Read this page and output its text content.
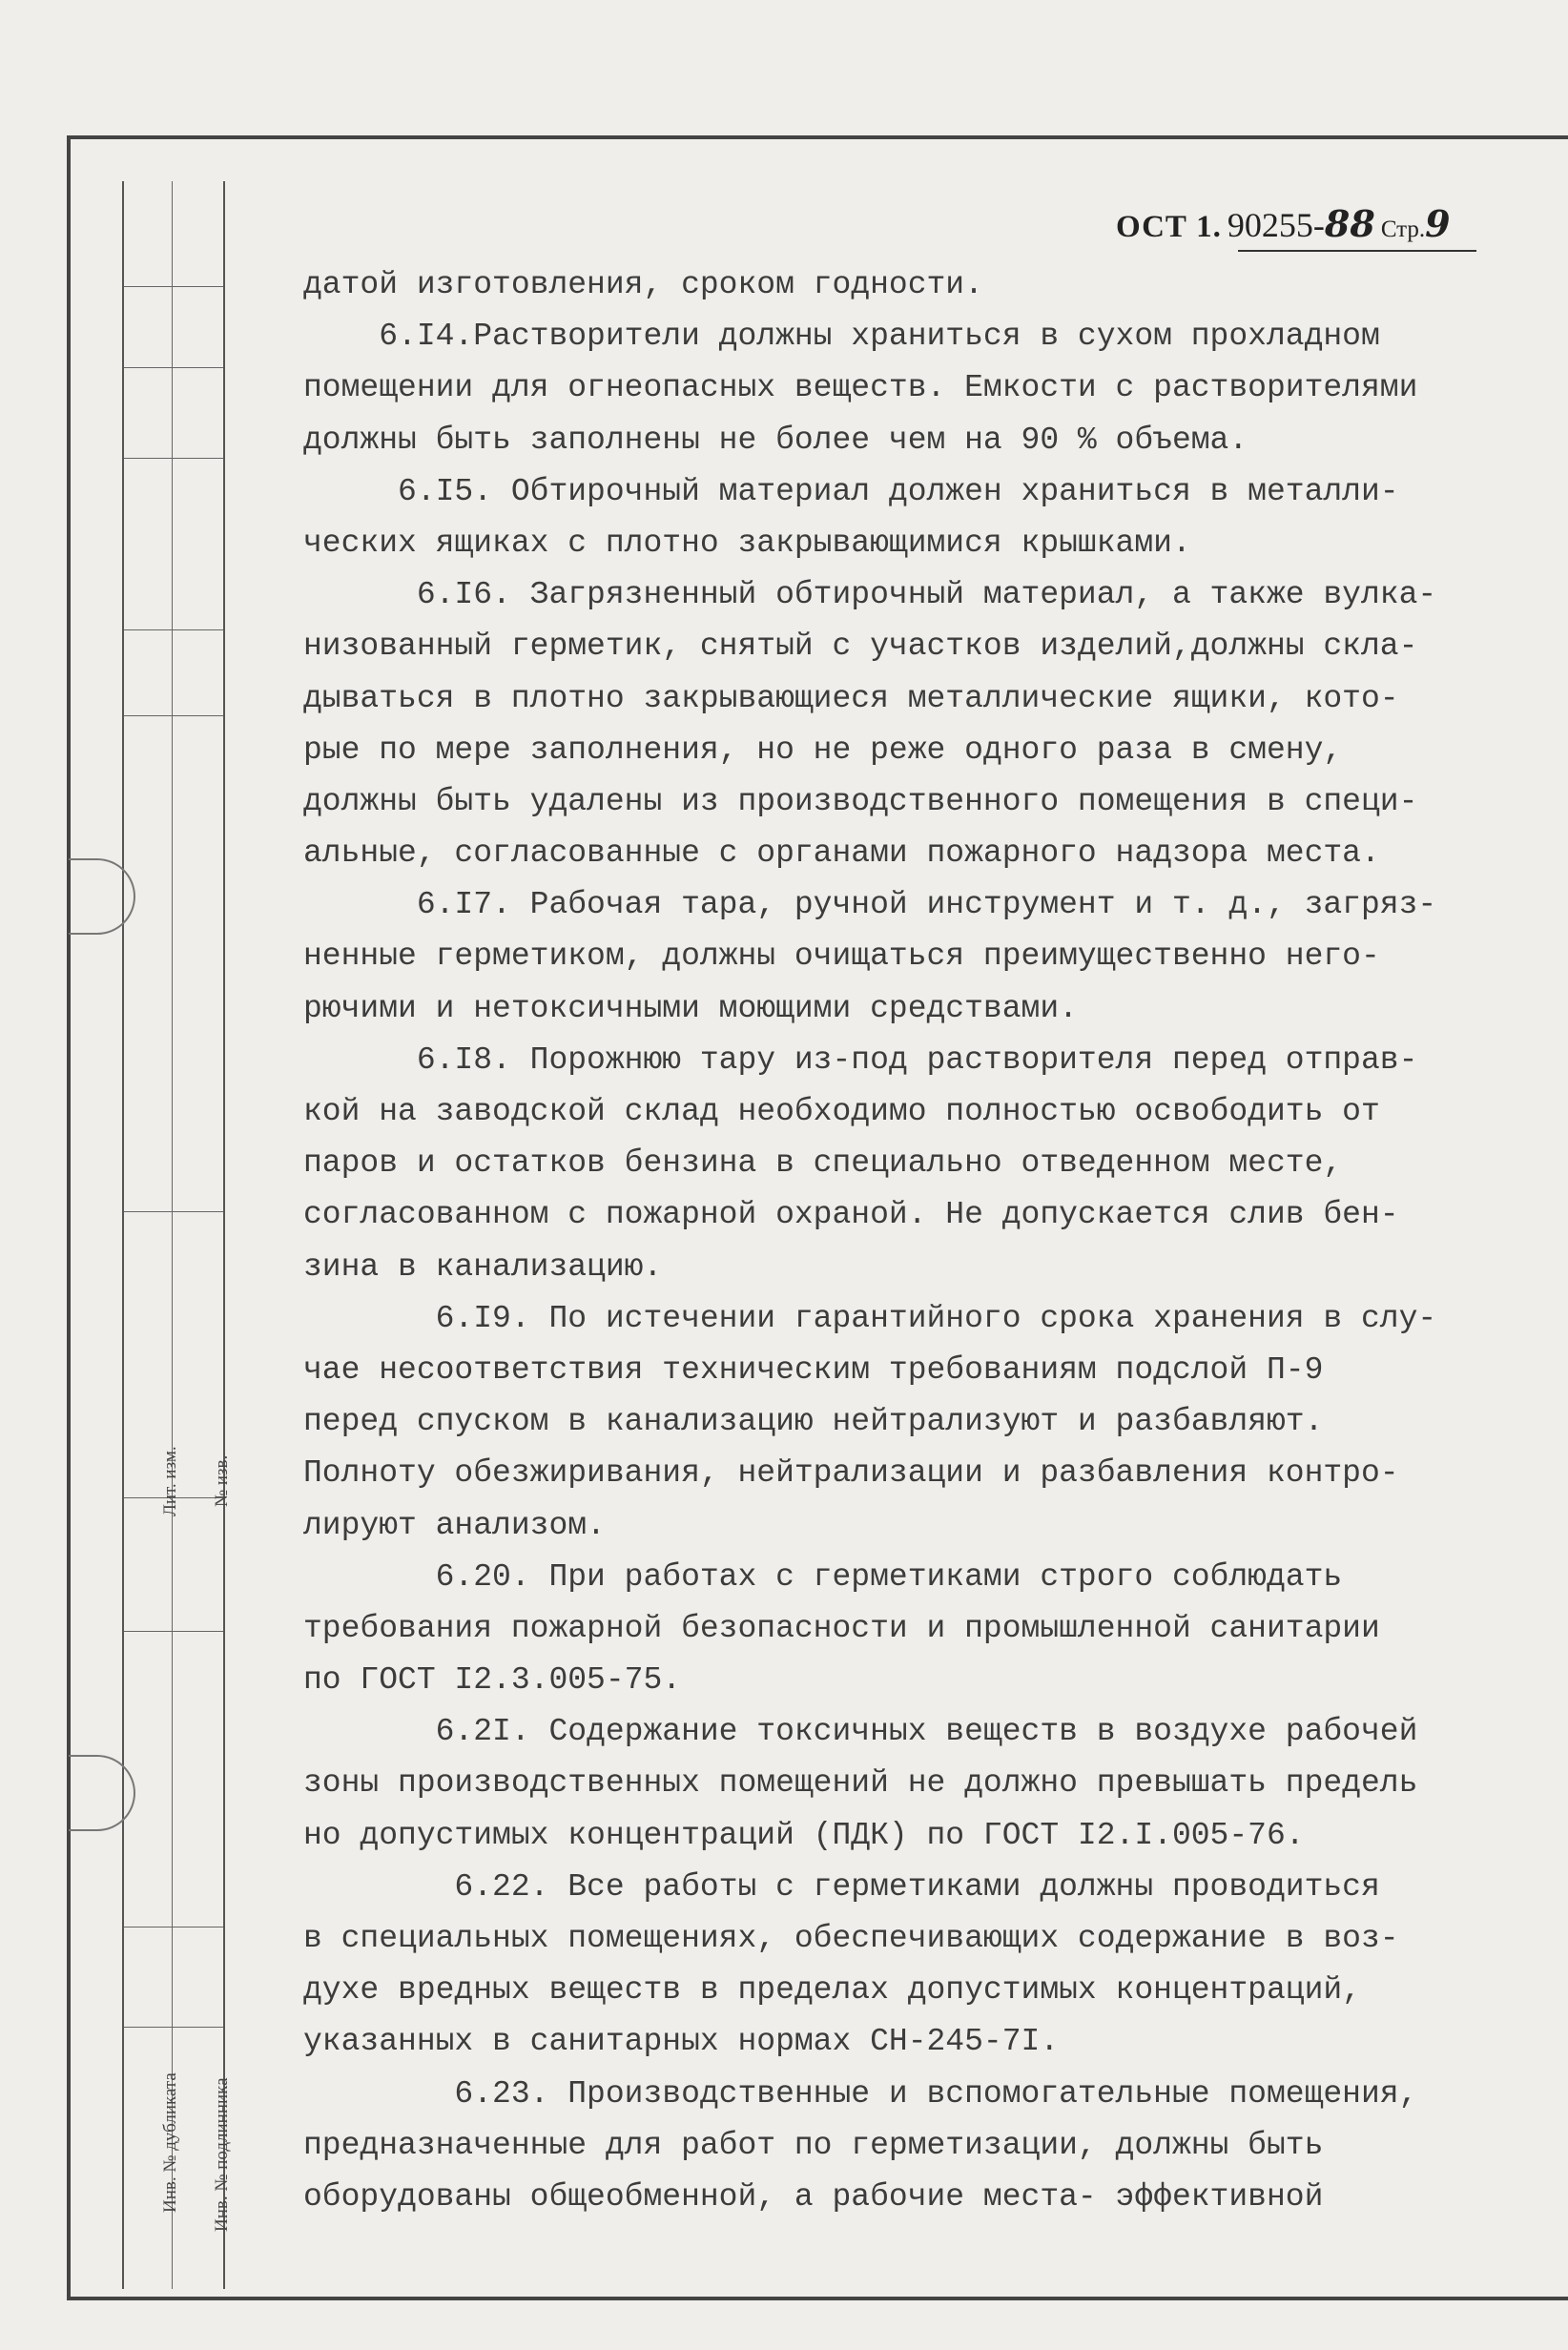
Лит. изм. № изв.
Инв. № дубликата Инв. № подлинника
ОСТ 1. 90255-88 Стр.9
датой изготовления, сроком годности.
6.I4.Растворители должны храниться в сухом прохладном
помещении для огнеопасных веществ. Емкости с растворителями
должны быть заполнены не более чем на 90 % объема.
6.I5. Обтирочный материал должен храниться в металли-
ческих ящиках с плотно закрывающимися крышками.
6.I6. Загрязненный обтирочный материал, а также вулка-
низованный герметик, снятый с участков изделий,должны скла-
дываться в плотно закрывающиеся металлические ящики, кото-
рые по мере заполнения, но не реже одного раза в смену,
должны быть удалены из производственного помещения в специ-
альные, согласованные с органами пожарного надзора места.
6.I7. Рабочая тара, ручной инструмент и т. д., загряз-
ненные герметиком, должны очищаться преимущественно него-
рючими и нетоксичными моющими средствами.
6.I8. Порожнюю тару из-под растворителя перед отправ-
кой на заводской склад необходимо полностью освободить от
паров и остатков бензина в специально отведенном месте,
согласованном с пожарной охраной. Не допускается слив бен-
зина в канализацию.
6.I9. По истечении гарантийного срока хранения в слу-
чае несоответствия техническим требованиям подслой П-9
перед спуском в канализацию нейтрализуют и разбавляют.
Полноту обезжиривания, нейтрализации и разбавления контро-
лируют анализом.
6.20. При работах с герметиками строго соблюдать
требования пожарной безопасности и промышленной санитарии
по ГОСТ I2.3.005-75.
6.2I. Содержание токсичных веществ в воздухе рабочей
зоны производственных помещений не должно превышать предель
но допустимых концентраций (ПДК) по ГОСТ I2.I.005-76.
6.22. Все работы с герметиками должны проводиться
в специальных помещениях, обеспечивающих содержание в воз-
духе вредных веществ в пределах допустимых концентраций,
указанных в санитарных нормах СН-245-7I.
6.23. Производственные и вспомогательные помещения,
предназначенные для работ по герметизации, должны быть
оборудованы общеобменной, а рабочие места- эффективной
